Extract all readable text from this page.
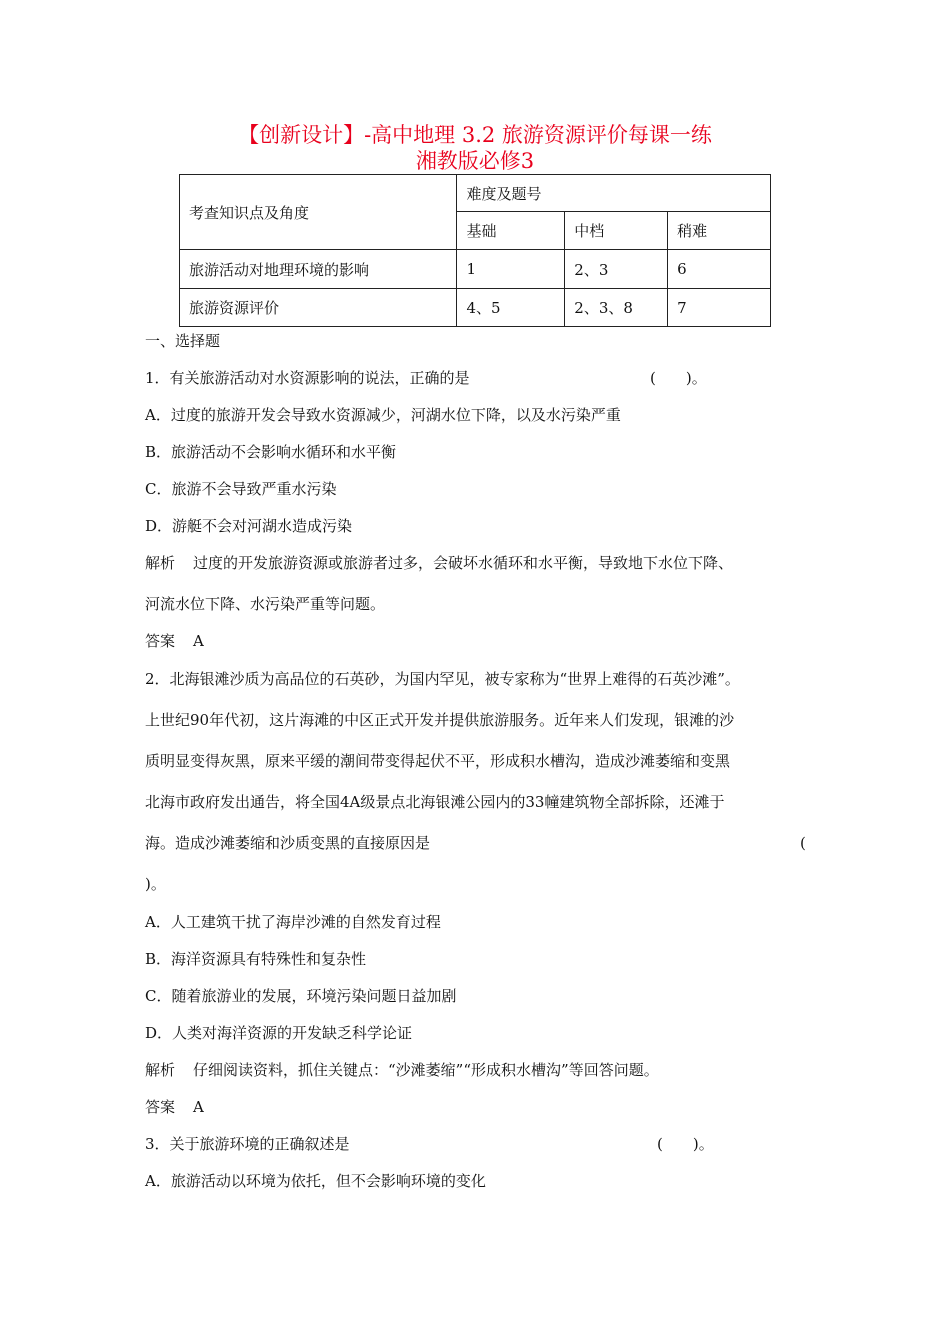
【创新设计】-高中地理 3.2 旅游资源评价每课一练
湘教版必修3
考查知识点及角度	难度及题号		
	基础	中档	稍难
旅游活动对地理环境的影响	1	2、3	6
旅游资源评价	4、5	2、3、8	7
一、选择题
1．有关旅游活动对水资源影响的说法，正确的是	(　　)。
A．过度的旅游开发会导致水资源减少，河湖水位下降，以及水污染严重
B．旅游活动不会影响水循环和水平衡
C．旅游不会导致严重水污染
D．游艇不会对河湖水造成污染
解析 过度的开发旅游资源或旅游者过多，会破坏水循环和水平衡，导致地下水位下降、
河流水位下降、水污染严重等问题。
答案 A
2．北海银滩沙质为高品位的石英砂，为国内罕见，被专家称为“世界上难得的石英沙滩”。
上世纪90年代初，这片海滩的中区正式开发并提供旅游服务。近年来人们发现，银滩的沙
质明显变得灰黑，原来平缓的潮间带变得起伏不平，形成积水槽沟，造成沙滩萎缩和变黑
北海市政府发出通告，将全国4A级景点北海银滩公园内的33幢建筑物全部拆除，还滩于
海。造成沙滩萎缩和沙质变黑的直接原因是	(
)。
A．人工建筑干扰了海岸沙滩的自然发育过程
B．海洋资源具有特殊性和复杂性
C．随着旅游业的发展，环境污染问题日益加剧
D．人类对海洋资源的开发缺乏科学论证
解析 仔细阅读资料，抓住关键点：“沙滩萎缩”“形成积水槽沟”等回答问题。
答案 A
3．关于旅游环境的正确叙述是	(　　)。
A．旅游活动以环境为依托，但不会影响环境的变化
